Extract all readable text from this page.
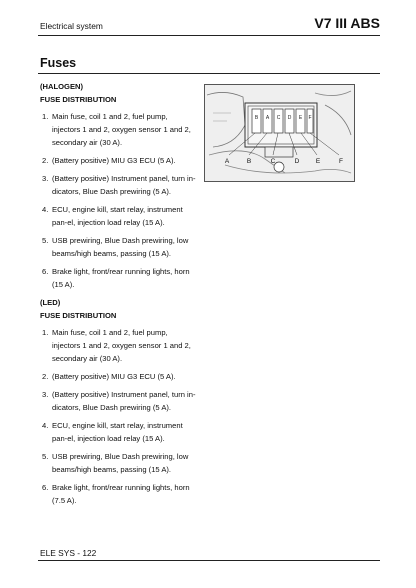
Electrical system	V7 III ABS
Fuses
(HALOGEN)
FUSE DISTRIBUTION
1. Main fuse, coil 1 and 2, fuel pump, injectors 1 and 2, oxygen sensor 1 and 2, secondary air (30 A).
2. (Battery positive) MIU G3 ECU (5 A).
3. (Battery positive) Instrument panel, turn in-dicators, Blue Dash prewiring (5 A).
4. ECU, engine kill, start relay, instrument pan-el, injection load relay (15 A).
5. USB prewiring, Blue Dash prewiring, low beams/high beams, passing (15 A).
6. Brake light, front/rear running lights, horn (15 A).
(LED)
FUSE DISTRIBUTION
1. Main fuse, coil 1 and 2, fuel pump, injectors 1 and 2, oxygen sensor 1 and 2, secondary air (30 A).
2. (Battery positive) MIU G3 ECU (5 A).
3. (Battery positive) Instrument panel, turn in-dicators, Blue Dash prewiring (5 A).
4. ECU, engine kill, start relay, instrument pan-el, injection load relay (15 A).
5. USB prewiring, Blue Dash prewiring, low beams/high beams, passing (15 A).
6. Brake light, front/rear running lights, horn (7.5 A).
B A C D E F
A	B	C	D	E	F
ELE SYS - 122
